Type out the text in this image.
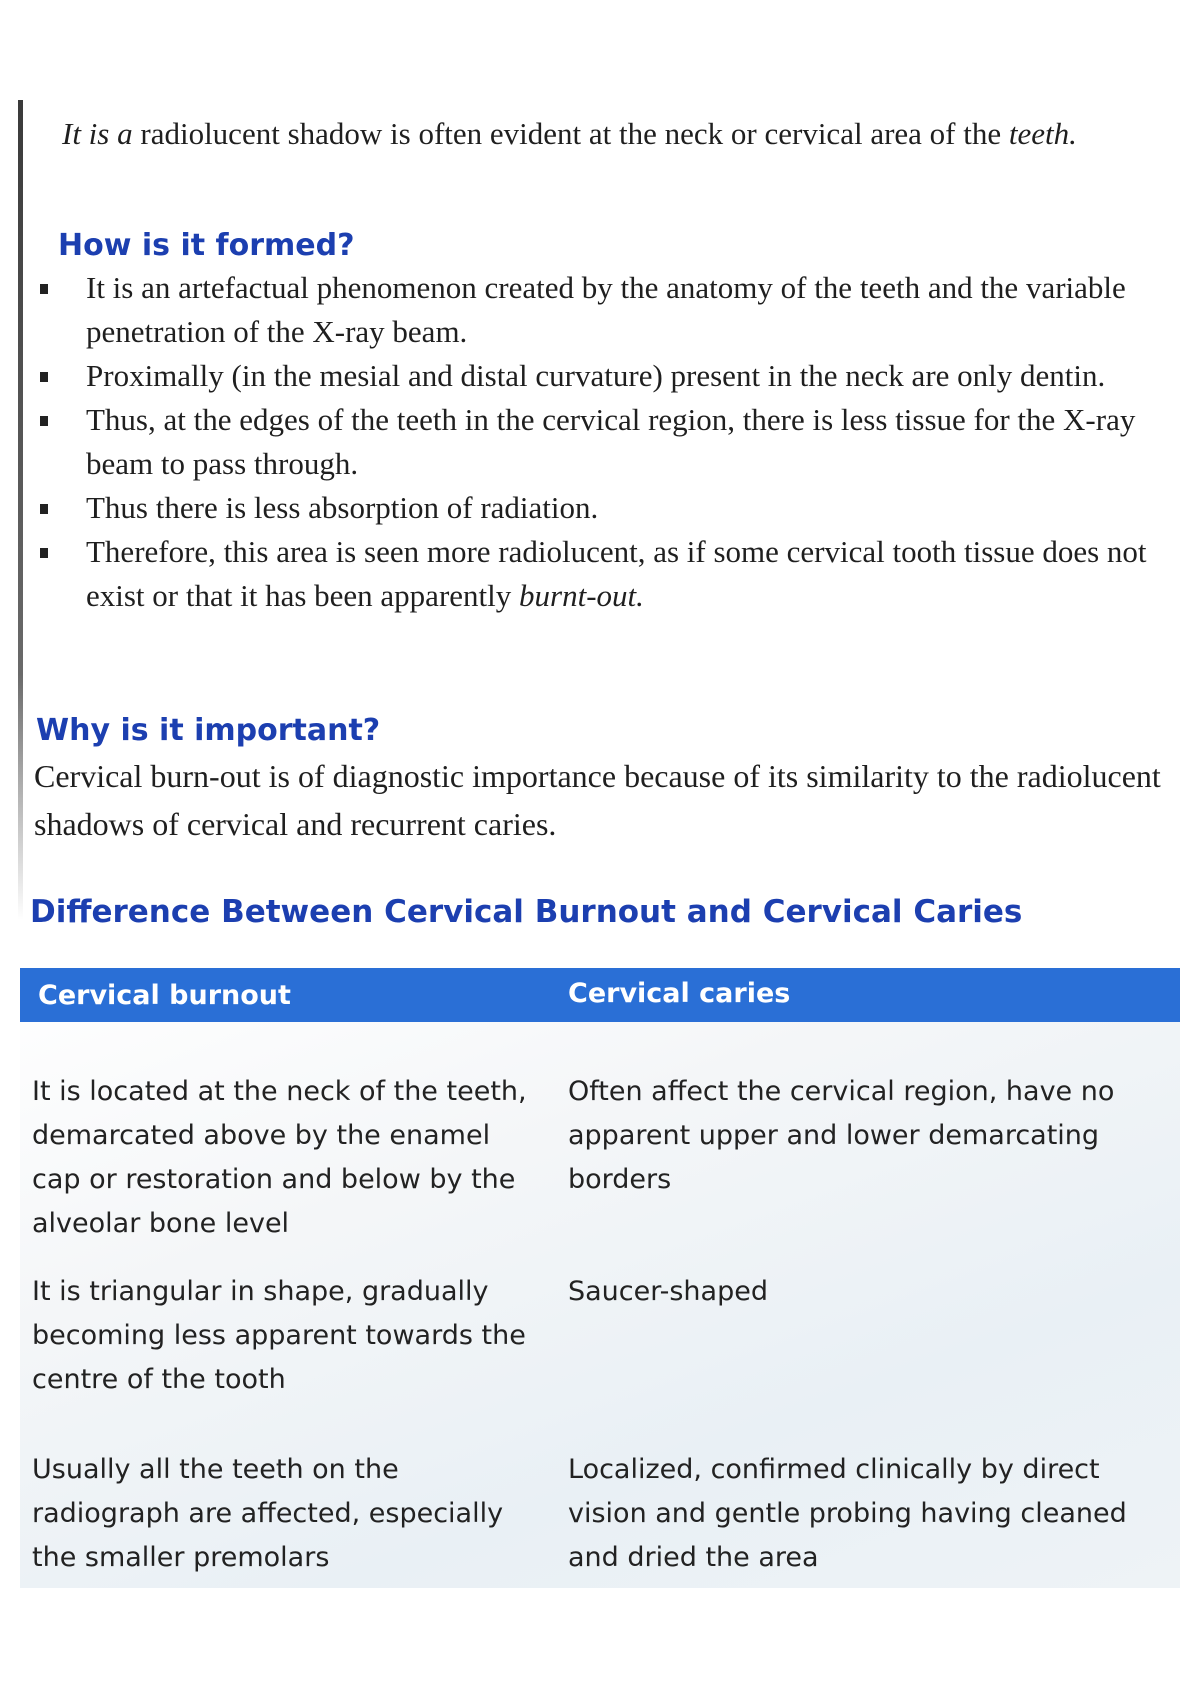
It is a radiolucent shadow is often evident at the neck or cervical area of the teeth.

How is it formed?
It is an artefactual phenomenon created by the anatomy of the teeth and the variable penetration of the X-ray beam.
Proximally (in the mesial and distal curvature) present in the neck are only dentin.
Thus, at the edges of the teeth in the cervical region, there is less tissue for the X-ray beam to pass through.
Thus there is less absorption of radiation.
Therefore, this area is seen more radiolucent, as if some cervical tooth tissue does not exist or that it has been apparently burnt-out.
Why is it important?

Cervical burn-out is of diagnostic importance because of its similarity to the radiolucent shadows of cervical and recurrent caries.

Difference Between Cervical Burnout and Cervical Caries
Cervical burnout	Cervical caries
It is located at the neck of the teeth, demarcated above by the enamel cap or restoration and below by the alveolar bone level
Often affect the cervical region, have no apparent upper and lower demarcating borders
It is triangular in shape, gradually becoming less apparent towards the centre of the tooth
Saucer-shaped
Usually all the teeth on the radiograph are affected, especially the smaller premolars
Localized, confirmed clinically by direct vision and gentle probing having cleaned and dried the area
